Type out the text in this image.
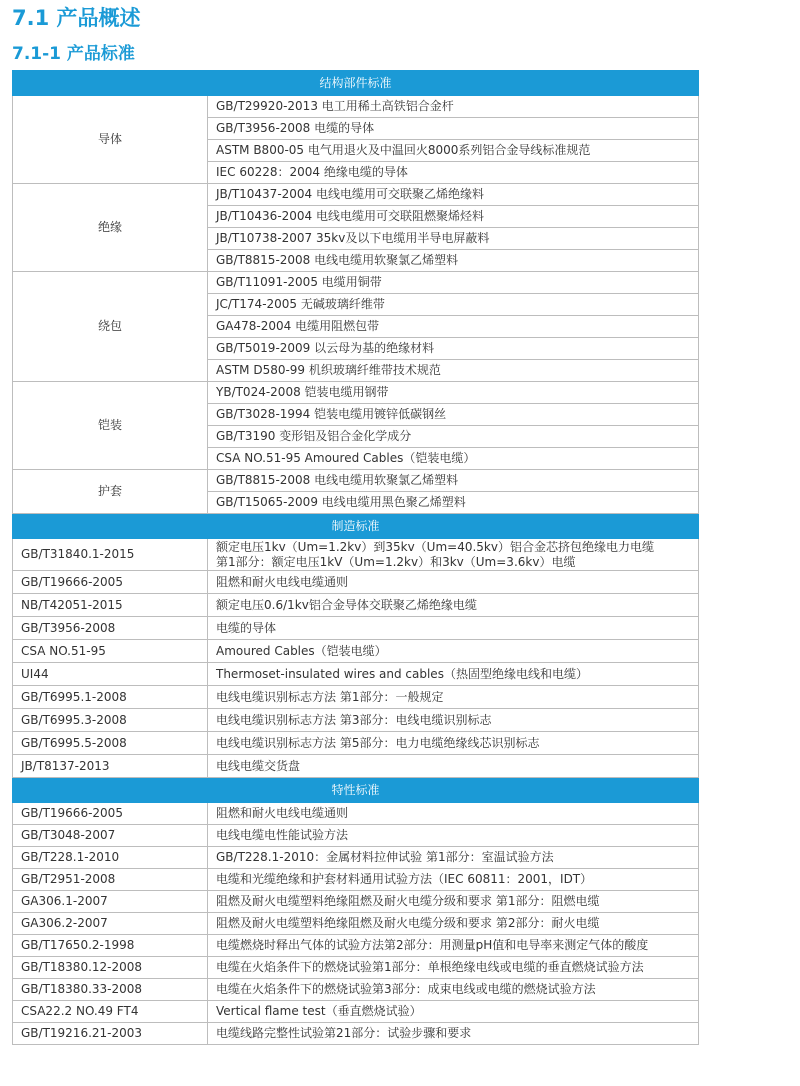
7.1 产品概述
7.1-1 产品标准
结构部件标准	
导体	GB/T29920-2013 电工用稀土高铁铝合金杆
	GB/T3956-2008 电缆的导体
	ASTM B800-05 电气用退火及中温回火8000系列铝合金导线标准规范
	IEC 60228：2004 绝缘电缆的导体
绝缘	JB/T10437-2004 电线电缆用可交联聚乙烯绝缘料
	JB/T10436-2004 电线电缆用可交联阻燃聚烯烃料
	JB/T10738-2007 35kv及以下电缆用半导电屏蔽料
	GB/T8815-2008 电线电缆用软聚氯乙烯塑料
绕包	GB/T11091-2005 电缆用铜带
	JC/T174-2005 无碱玻璃纤维带
	GA478-2004 电缆用阻燃包带
	GB/T5019-2009 以云母为基的绝缘材料
	ASTM D580-99 机织玻璃纤维带技术规范
铠装	YB/T024-2008 铠装电缆用钢带
	GB/T3028-1994 铠装电缆用镀锌低碳钢丝
	GB/T3190 变形铝及铝合金化学成分
	CSA NO.51-95 Amoured Cables（铠装电缆）
护套	GB/T8815-2008 电线电缆用软聚氯乙烯塑料
	GB/T15065-2009 电线电缆用黑色聚乙烯塑料
制造标准	
GB/T31840.1-2015	额定电压1kv（Um=1.2kv）到35kv（Um=40.5kv）铝合金芯挤包绝缘电力电缆
第1部分：额定电压1kV（Um=1.2kv）和3kv（Um=3.6kv）电缆

GB/T19666-2005	阻燃和耐火电线电缆通则

NB/T42051-2015	额定电压0.6/1kv铝合金导体交联聚乙烯绝缘电缆

GB/T3956-2008	电缆的导体

CSA NO.51-95	Amoured Cables（铠装电缆）

UI44	Thermoset-insulated wires and cables（热固型绝缘电线和电缆）

GB/T6995.1-2008	电线电缆识别标志方法 第1部分：一般规定

GB/T6995.3-2008	电线电缆识别标志方法 第3部分：电线电缆识别标志

GB/T6995.5-2008	电线电缆识别标志方法 第5部分：电力电缆绝缘线芯识别标志

JB/T8137-2013	电线电缆交货盘

特性标准	
GB/T19666-2005	阻燃和耐火电线电缆通则
GB/T3048-2007	电线电缆电性能试验方法
GB/T228.1-2010	GB/T228.1-2010：金属材料拉伸试验 第1部分：室温试验方法
GB/T2951-2008	电缆和光缆绝缘和护套材料通用试验方法（IEC 60811：2001，IDT）
GA306.1-2007	阻燃及耐火电缆塑料绝缘阻燃及耐火电缆分级和要求 第1部分：阻燃电缆
GA306.2-2007	阻燃及耐火电缆塑料绝缘阻燃及耐火电缆分级和要求 第2部分：耐火电缆
GB/T17650.2-1998	电缆燃烧时释出气体的试验方法第2部分：用测量pH值和电导率来测定气体的酸度
GB/T18380.12-2008	电缆在火焰条件下的燃烧试验第1部分：单根绝缘电线或电缆的垂直燃烧试验方法
GB/T18380.33-2008	电缆在火焰条件下的燃烧试验第3部分：成束电线或电缆的燃烧试验方法
CSA22.2 NO.49 FT4	Vertical flame test（垂直燃烧试验）
GB/T19216.21-2003	电缆线路完整性试验第21部分：试验步骤和要求
